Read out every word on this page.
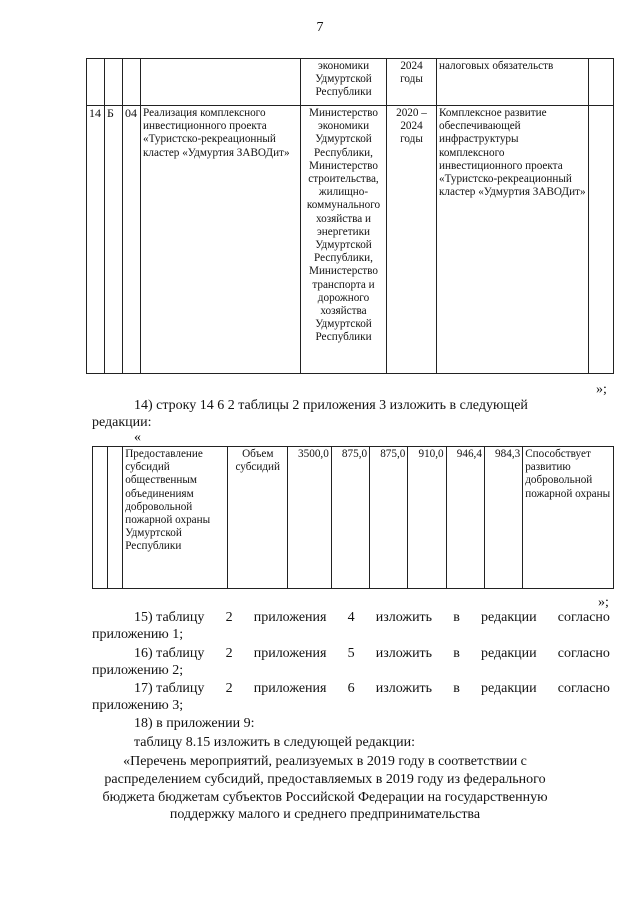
7
				экономики Удмуртской Республики	2024 годы	налоговых обязательств	
14	Б	04	Реализация комплексного инвестиционного проекта «Туристско-рекреационный кластер «Удмуртия ЗАВОДит»	Министерство экономики Удмуртской Республики, Министерство строительства, жилищно-коммунального хозяйства и энергетики Удмуртской Республики, Министерство транспорта и дорожного хозяйства Удмуртской Республики	2020 – 2024 годы	Комплексное развитие обеспечивающей инфраструктуры комплексного инвестиционного проекта «Туристско-рекреационный кластер «Удмуртия ЗАВОДит»	
»;
14) строку 14 6 2 таблицы 2 приложения 3 изложить в следующей
редакции:
«
		Предоставление субсидий общественным объединениям добровольной пожарной охраны Удмуртской Республики	Объем субсидий	3500,0	875,0	875,0	910,0	946,4	984,3	Способствует развитию добровольной пожарной охраны
»;
15) таблицу 2 приложения 4 изложить в редакции согласно
приложению 1;
16) таблицу 2 приложения 5 изложить в редакции согласно
приложению 2;
17) таблицу 2 приложения 6 изложить в редакции согласно
приложению 3;
18) в приложении 9:
таблицу 8.15 изложить в следующей редакции:
«Перечень мероприятий, реализуемых в 2019 году в соответствии с
распределением субсидий, предоставляемых в 2019 году из федерального
бюджета бюджетам субъектов Российской Федерации на государственную
поддержку малого и среднего предпринимательства
